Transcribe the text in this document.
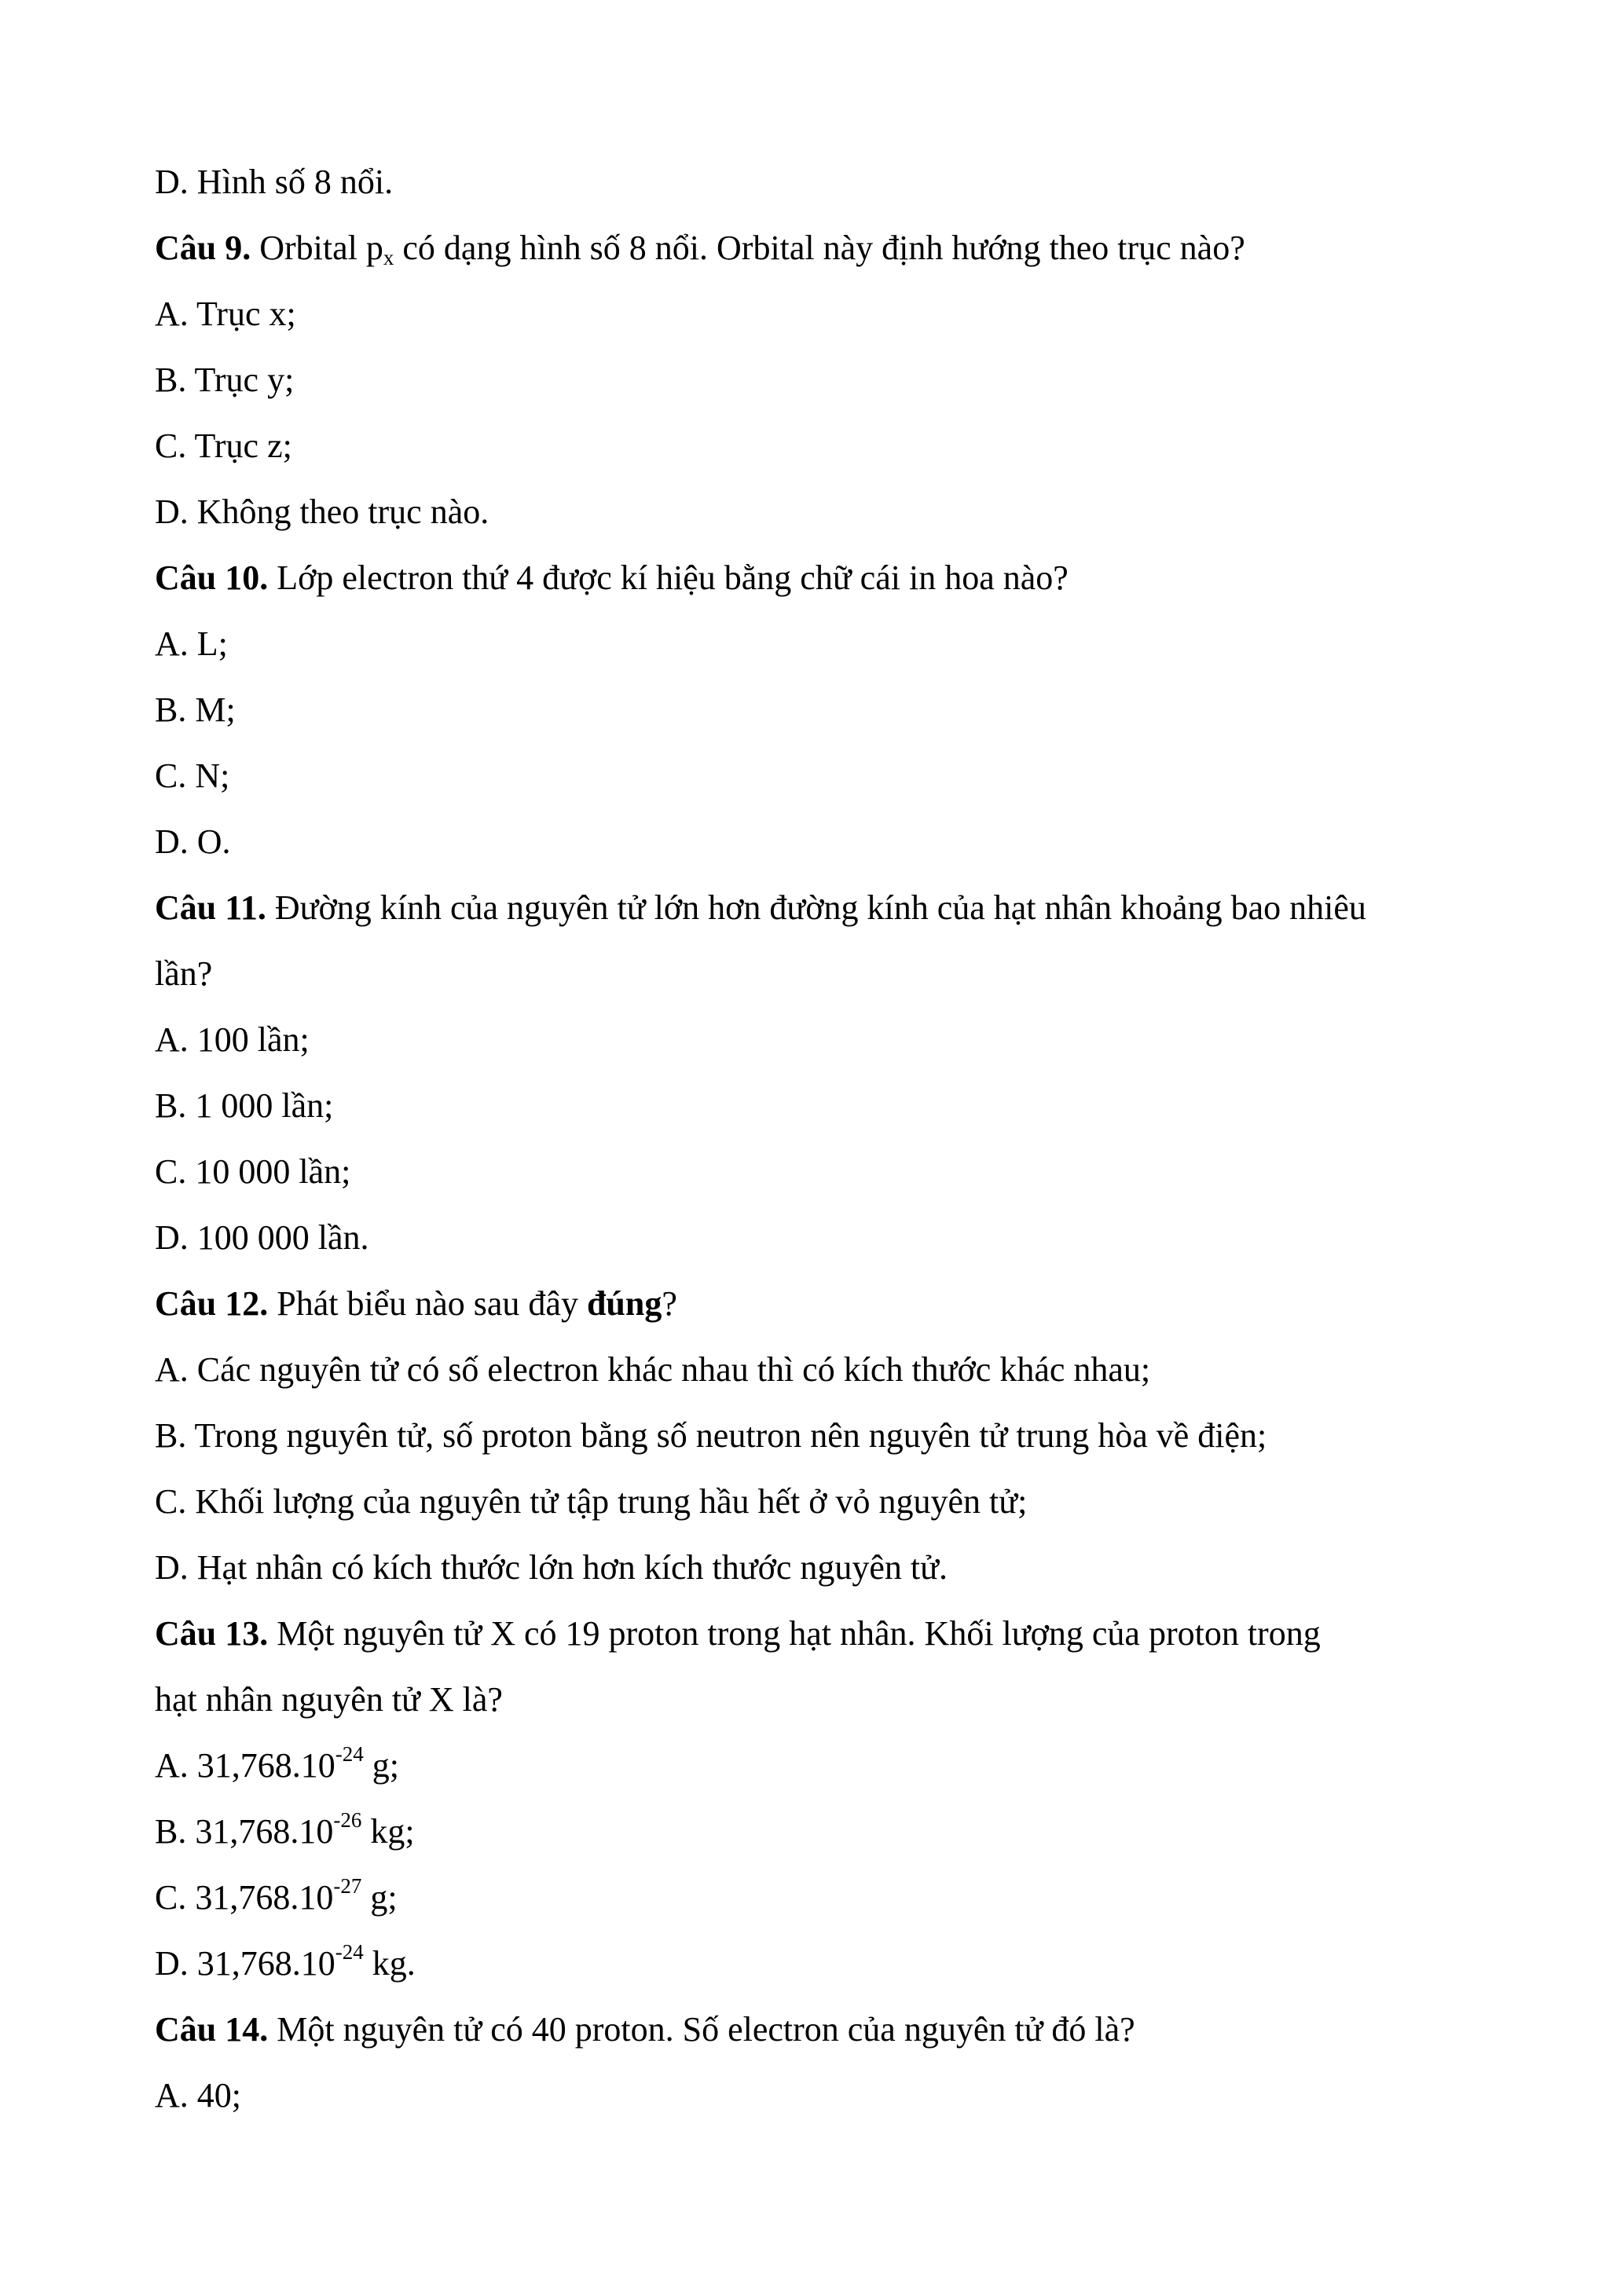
D. Hình số 8 nổi.
Câu 9. Orbital $p_x$ có dạng hình số 8 nổi. Orbital này định hướng theo trục nào?
A. Trục x;
B. Trục y;
C. Trục z;
D. Không theo trục nào.
Câu 10. Lớp electron thứ 4 được kí hiệu bằng chữ cái in hoa nào?
A. L;
B. M;
C. N;
D. O.
Câu 11. Đường kính của nguyên tử lớn hơn đường kính của hạt nhân khoảng bao nhiêu
lần?
A. 100 lần;
B. 1 000 lần;
C. 10 000 lần;
D. 100 000 lần.
Câu 12. Phát biểu nào sau đây đúng?
A. Các nguyên tử có số electron khác nhau thì có kích thước khác nhau;
B. Trong nguyên tử, số proton bằng số neutron nên nguyên tử trung hòa về điện;
C. Khối lượng của nguyên tử tập trung hầu hết ở vỏ nguyên tử;
D. Hạt nhân có kích thước lớn hơn kích thước nguyên tử.
Câu 13. Một nguyên tử X có 19 proton trong hạt nhân. Khối lượng của proton trong
hạt nhân nguyên tử X là?
A. $31,768.10^{-24}$ g;
B. $31,768.10^{-26}$ kg;
C. $31,768.10^{-27}$ g;
D. $31,768.10^{-24}$ kg.
Câu 14. Một nguyên tử có 40 proton. Số electron của nguyên tử đó là?
A. 40;
